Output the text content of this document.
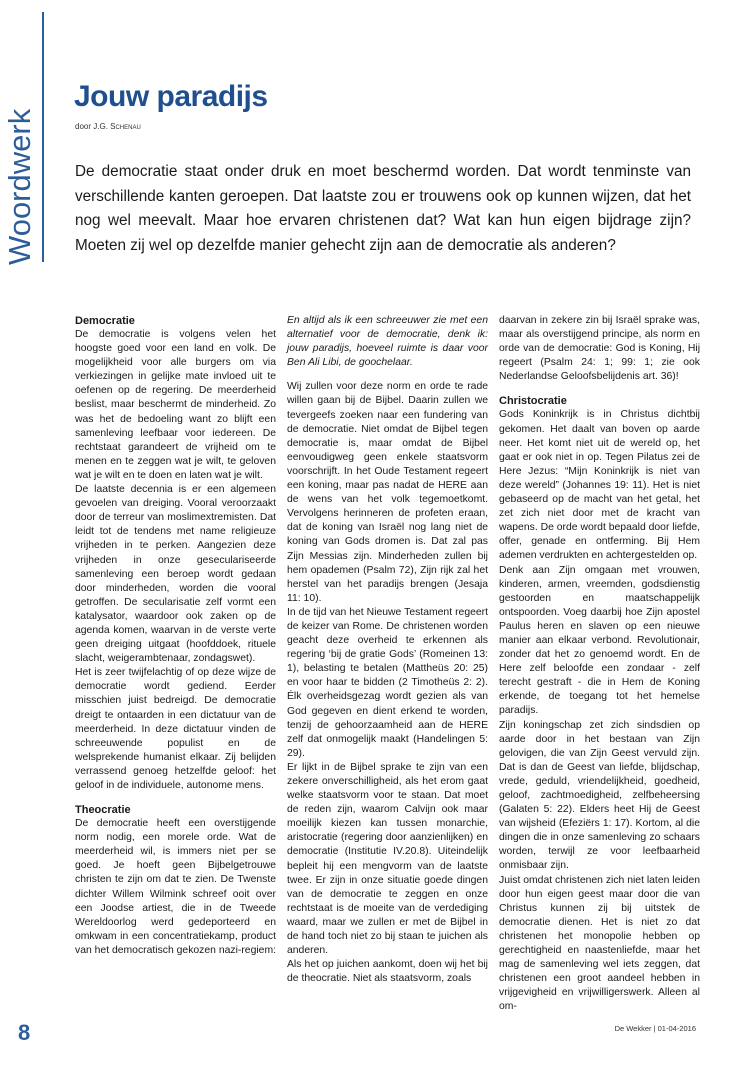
Woordwerk
Jouw paradijs
door J.G. Schenau
De democratie staat onder druk en moet beschermd worden. Dat wordt tenminste van verschillende kanten geroepen. Dat laatste zou er trouwens ook op kunnen wijzen, dat het nog wel meevalt. Maar hoe ervaren christenen dat? Wat kan hun eigen bijdrage zijn? Moeten zij wel op dezelfde manier gehecht zijn aan de democratie als anderen?
Democratie

De democratie is volgens velen het hoogste goed voor een land en volk. De mogelijkheid voor alle burgers om via verkiezingen in gelijke mate invloed uit te oefenen op de regering. De meerderheid beslist, maar beschermt de minderheid. Zo was het de bedoeling want zo blijft een samenleving leefbaar voor iedereen. De rechtstaat garandeert de vrijheid om te menen en te zeggen wat je wilt, te geloven wat je wilt en te doen en laten wat je wilt.

De laatste decennia is er een algemeen gevoelen van dreiging. Vooral veroorzaakt door de terreur van moslimextremisten. Dat leidt tot de tendens met name religieuze vrijheden in te perken. Aangezien deze vrijheden in onze geseculariseerde samenleving een beroep wordt gedaan door minderheden, worden die vooral getroffen. De secularisatie zelf vormt een katalysator, waardoor ook zaken op de agenda komen, waarvan in de verste verte geen dreiging uitgaat (hoofddoek, rituele slacht, weigerambtenaar, zondagswet).

Het is zeer twijfelachtig of op deze wijze de democratie wordt gediend. Eerder misschien juist bedreigd. De democratie dreigt te ontaarden in een dictatuur van de meerderheid. In deze dictatuur vinden de schreeuwende populist en de welsprekende humanist elkaar. Zij belijden verrassend genoeg hetzelfde geloof: het geloof in de individuele, autonome mens.

Theocratie

De democratie heeft een overstijgende norm nodig, een morele orde. Wat de meerderheid wil, is immers niet per se goed. Je hoeft geen Bijbelgetrouwe christen te zijn om dat te zien. De Twenste dichter Willem Wilmink schreef ooit over een Joodse artiest, die in de Tweede Wereldoorlog werd gedeporteerd en omkwam in een concentratiekamp, product van het democratisch gekozen nazi-regiem:

En altijd als ik een schreeuwer zie met een alternatief voor de democratie, denk ik: jouw paradijs, hoeveel ruimte is daar voor Ben Ali Libi, de goochelaar.

Wij zullen voor deze norm en orde te rade willen gaan bij de Bijbel. Daarin zullen we tevergeefs zoeken naar een fundering van de democratie. Niet omdat de Bijbel tegen democratie is, maar omdat de Bijbel eenvoudigweg geen enkele staatsvorm voorschrijft. In het Oude Testament regeert een koning, maar pas nadat de HERE aan de wens van het volk tegemoetkomt. Vervolgens herinneren de profeten eraan, dat de koning van Israël nog lang niet de koning van Gods dromen is. Dat zal pas Zijn Messias zijn. Minderheden zullen bij hem opademen (Psalm 72), Zijn rijk zal het herstel van het paradijs brengen (Jesaja 11: 10).

In de tijd van het Nieuwe Testament regeert de keizer van Rome. De christenen worden geacht deze overheid te erkennen als regering ‘bij de gratie Gods’ (Romeinen 13: 1), belasting te betalen (Mattheüs 20: 25) en voor haar te bidden (2 Timotheüs 2: 2). Élk overheidsgezag wordt gezien als van God gegeven en dient erkend te worden, tenzij de gehoorzaamheid aan de HERE zelf dat onmogelijk maakt (Handelingen 5: 29).

Er lijkt in de Bijbel sprake te zijn van een zekere onverschilligheid, als het erom gaat welke staatsvorm voor te staan. Dat moet de reden zijn, waarom Calvijn ook maar moeilijk kiezen kan tussen monarchie, aristocratie (regering door aanzienlijken) en democratie (Institutie IV.20.8). Uiteindelijk bepleit hij een mengvorm van de laatste twee. Er zijn in onze situatie goede dingen van de democratie te zeggen en onze rechtstaat is de moeite van de verdediging waard, maar we zullen er met de Bijbel in de hand toch niet zo bij staan te juichen als anderen.

Als het op juichen aankomt, doen wij het bij de theocratie. Niet als staatsvorm, zoals

daarvan in zekere zin bij Israël sprake was, maar als overstijgend principe, als norm en orde van de democratie: God is Koning, Hij regeert (Psalm 24: 1; 99: 1; zie ook Nederlandse Geloofsbelijdenis art. 36)!

Christocratie

Gods Koninkrijk is in Christus dichtbij gekomen. Het daalt van boven op aarde neer. Het komt niet uit de wereld op, het gaat er ook niet in op. Tegen Pilatus zei de Here Jezus: “Mijn Koninkrijk is niet van deze wereld” (Johannes 19: 11). Het is niet gebaseerd op de macht van het getal, het zet zich niet door met de kracht van wapens. De orde wordt bepaald door liefde, offer, genade en ontferming. Bij Hem ademen verdrukten en achtergestelden op.

Denk aan Zijn omgaan met vrouwen, kinderen, armen, vreemden, godsdienstig gestoorden en maatschappelijk ontspoorden. Voeg daarbij hoe Zijn apostel Paulus heren en slaven op een nieuwe manier aan elkaar verbond. Revolutionair, zonder dat het zo genoemd wordt. En de Here zelf beloofde een zondaar - zelf terecht gestraft - die in Hem de Koning erkende, de toegang tot het hemelse paradijs.

Zijn koningschap zet zich sindsdien op aarde door in het bestaan van Zijn gelovigen, die van Zijn Geest vervuld zijn. Dat is dan de Geest van liefde, blijdschap, vrede, geduld, vriendelijkheid, goedheid, geloof, zachtmoedigheid, zelfbeheersing (Galaten 5: 22). Elders heet Hij de Geest van wijsheid (Efeziërs 1: 17). Kortom, al die dingen die in onze samenleving zo schaars worden, terwijl ze voor leefbaarheid onmisbaar zijn.

Juist omdat christenen zich niet laten leiden door hun eigen geest maar door die van Christus kunnen zij bij uitstek de democratie dienen. Het is niet zo dat christenen het monopolie hebben op gerechtigheid en naastenliefde, maar het mag de samenleving wel iets zeggen, dat christenen een groot aandeel hebben in vrijgevigheid en vrijwilligerswerk. Alleen al om-

8	De Wekker | 01-04-2016
